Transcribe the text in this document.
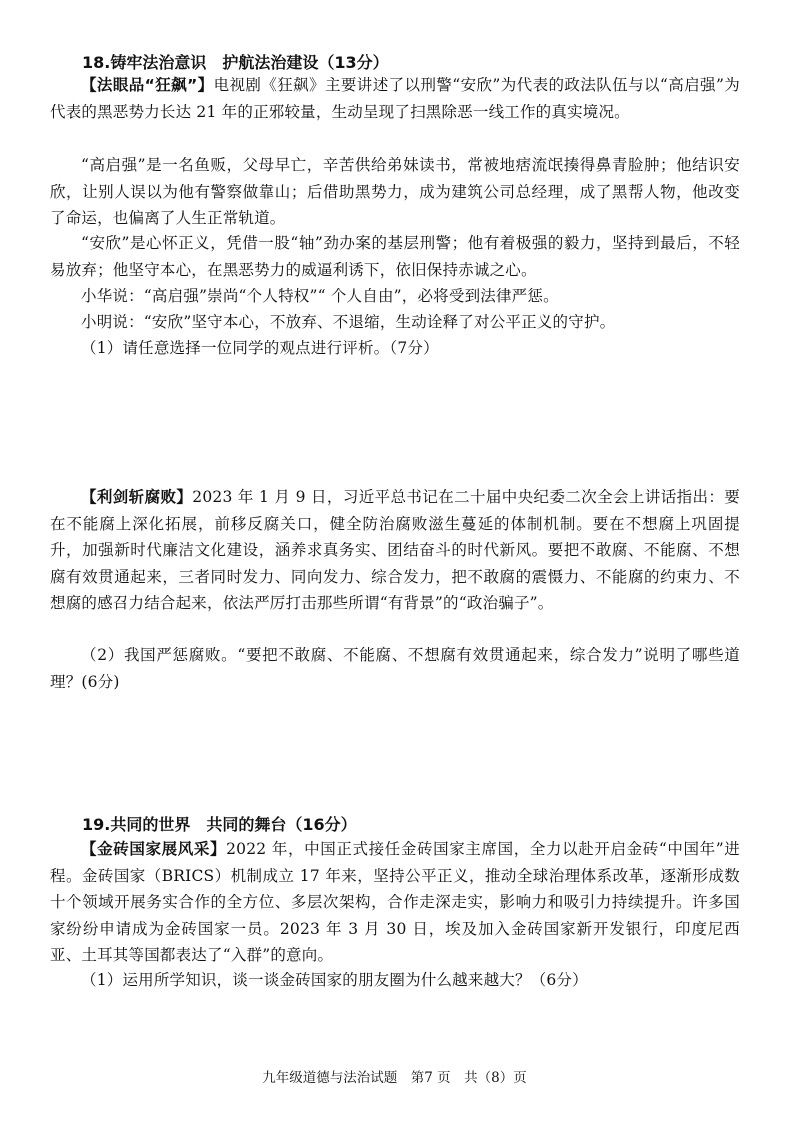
18.铸牢法治意识　护航法治建设（13分）

【法眼品“狂飙”】电视剧《狂飙》主要讲述了以刑警“安欣”为代表的政法队伍与以“高启强”为代表的黑恶势力长达 21 年的正邪较量，生动呈现了扫黑除恶一线工作的真实境况。

“高启强”是一名鱼贩，父母早亡，辛苦供给弟妹读书，常被地痞流氓揍得鼻青脸肿；他结识安欣，让别人误以为他有警察做靠山；后借助黑势力，成为建筑公司总经理，成了黑帮人物，他改变了命运，也偏离了人生正常轨道。

“安欣”是心怀正义，凭借一股“轴”劲办案的基层刑警；他有着极强的毅力，坚持到最后，不轻易放弃；他坚守本心，在黑恶势力的威逼利诱下，依旧保持赤诚之心。

小华说：“高启强”崇尚“个人特权”“ 个人自由”，必将受到法律严惩。

小明说：“安欣”坚守本心，不放弃、不退缩，生动诠释了对公平正义的守护。

（1）请任意选择一位同学的观点进行评析。（7分）

【利剑斩腐败】2023 年 1 月 9 日，习近平总书记在二十届中央纪委二次全会上讲话指出：要在不能腐上深化拓展，前移反腐关口，健全防治腐败滋生蔓延的体制机制。要在不想腐上巩固提升，加强新时代廉洁文化建设，涵养求真务实、团结奋斗的时代新风。要把不敢腐、不能腐、不想腐有效贯通起来，三者同时发力、同向发力、综合发力，把不敢腐的震慑力、不能腐的约束力、不想腐的感召力结合起来，依法严厉打击那些所谓“有背景”的“政治骗子”。

（2）我国严惩腐败。“要把不敢腐、不能腐、不想腐有效贯通起来，综合发力”说明了哪些道理？(6分)

19.共同的世界　共同的舞台（16分）

【金砖国家展风采】2022 年，中国正式接任金砖国家主席国，全力以赴开启金砖“中国年”进程。金砖国家（BRICS）机制成立 17 年来，坚持公平正义，推动全球治理体系改革，逐渐形成数十个领域开展务实合作的全方位、多层次架构，合作走深走实，影响力和吸引力持续提升。许多国家纷纷申请成为金砖国家一员。2023 年 3 月 30 日，埃及加入金砖国家新开发银行，印度尼西亚、土耳其等国都表达了“入群”的意向。

（1）运用所学知识，谈一谈金砖国家的朋友圈为什么越来越大？（6分）

九年级道德与法治试题　第7 页　共（8）页
